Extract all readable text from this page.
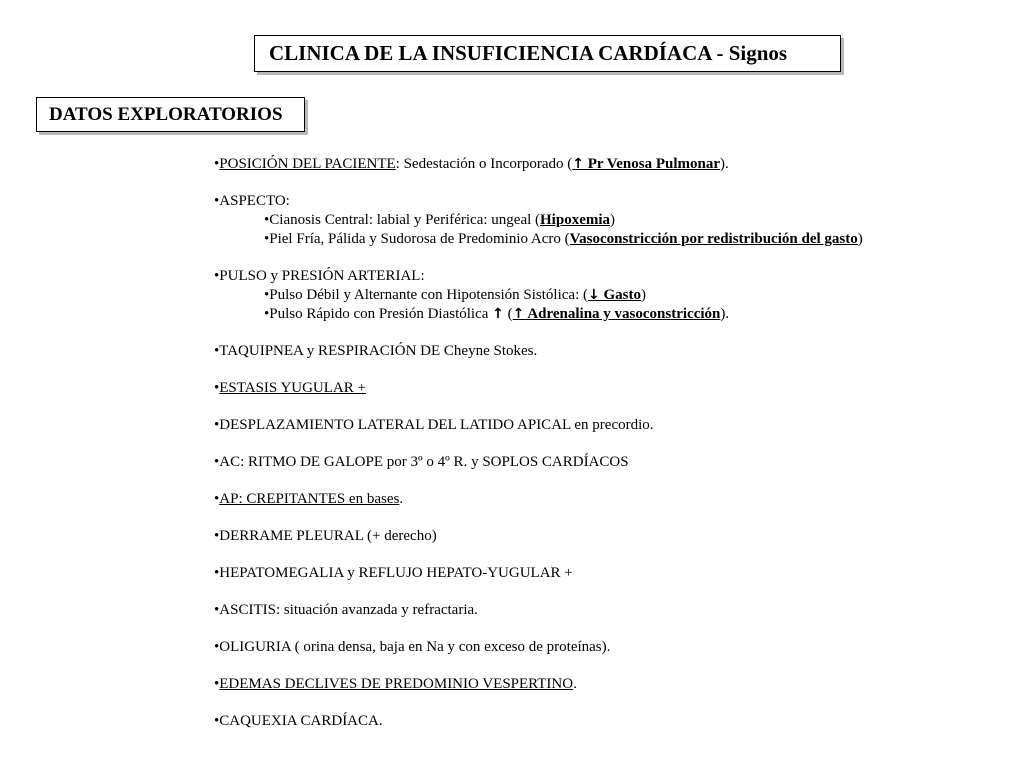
CLINICA DE LA INSUFICIENCIA CARDÍACA - Signos
DATOS EXPLORATORIOS
•POSICIÓN DEL PACIENTE: Sedestación o Incorporado (↑ Pr Venosa Pulmonar).
•ASPECTO:
•Cianosis Central: labial y Periférica: ungeal (Hipoxemia)
•Piel Fría, Pálida y Sudorosa de Predominio Acro (Vasoconstricción por redistribución del gasto)
•PULSO y PRESIÓN ARTERIAL:
•Pulso Débil y Alternante con Hipotensión Sistólica: (↓ Gasto)
•Pulso Rápido con Presión Diastólica ↑ (↑ Adrenalina y vasoconstricción).
•TAQUIPNEA y RESPIRACIÓN DE Cheyne Stokes.
•ESTASIS YUGULAR +
•DESPLAZAMIENTO LATERAL DEL LATIDO APICAL en precordio.
•AC: RITMO DE GALOPE por 3º o 4º R. y SOPLOS CARDÍACOS
•AP: CREPITANTES en bases.
•DERRAME PLEURAL (+ derecho)
•HEPATOMEGALIA y REFLUJO HEPATO-YUGULAR +
•ASCITIS: situación avanzada y refractaria.
•OLIGURIA ( orina densa, baja en Na y con exceso de proteínas).
•EDEMAS DECLIVES DE PREDOMINIO VESPERTINO.
•CAQUEXIA CARDÍACA.
